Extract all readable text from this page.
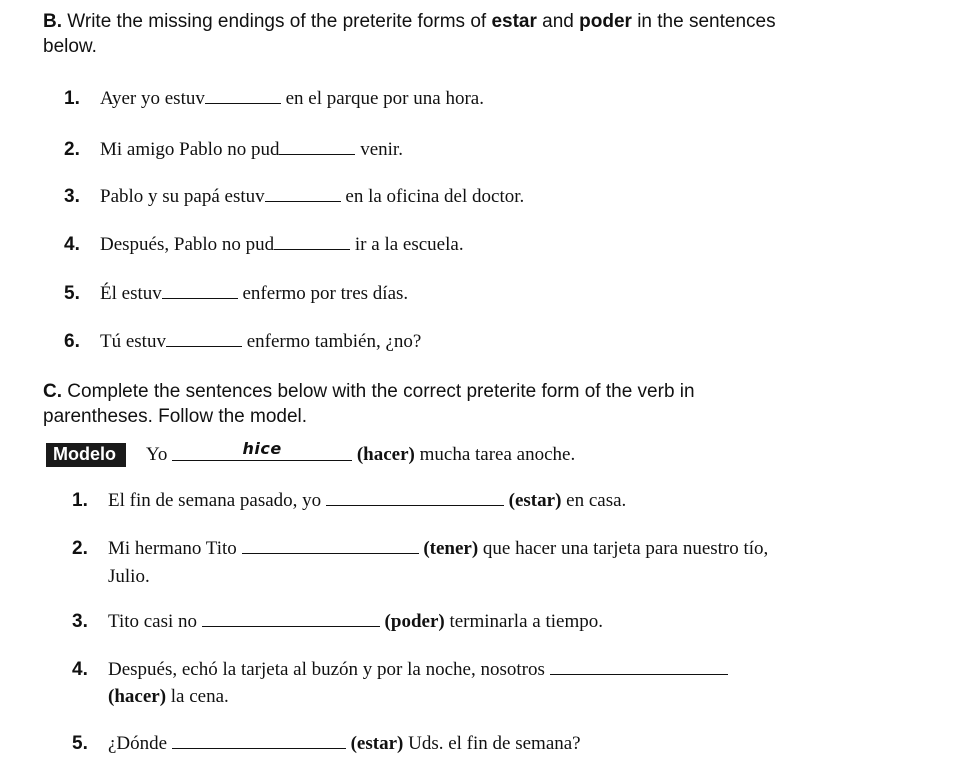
B. Write the missing endings of the preterite forms of estar and poder in the sentences
below.
1. Ayer yo estuv	en el parque por una hora.
2. Mi amigo Pablo no pud	venir.
3. Pablo y su papá estuv	en la oficina del doctor.
4. Después, Pablo no pud	ir a la escuela.
5. Él estuv	enfermo por tres días.
6. Tú estuv	enfermo también, ¿no?
C. Complete the sentences below with the correct preterite form of the verb in
parentheses. Follow the model.
Modelo Yo	$^{hice}$	(hacer) mucha tarea anoche.
1. El fin de semana pasado, yo	(estar) en casa.
2. Mi hermano Tito	(tener) que hacer una tarjeta para nuestro tío,
Julio.
3. Tito casi no	(poder) terminarla a tiempo.
4. Después, echó la tarjeta al buzón y por la noche, nosotros
(hacer) la cena.
5. ¿Dónde	(estar) Uds. el fin de semana?
